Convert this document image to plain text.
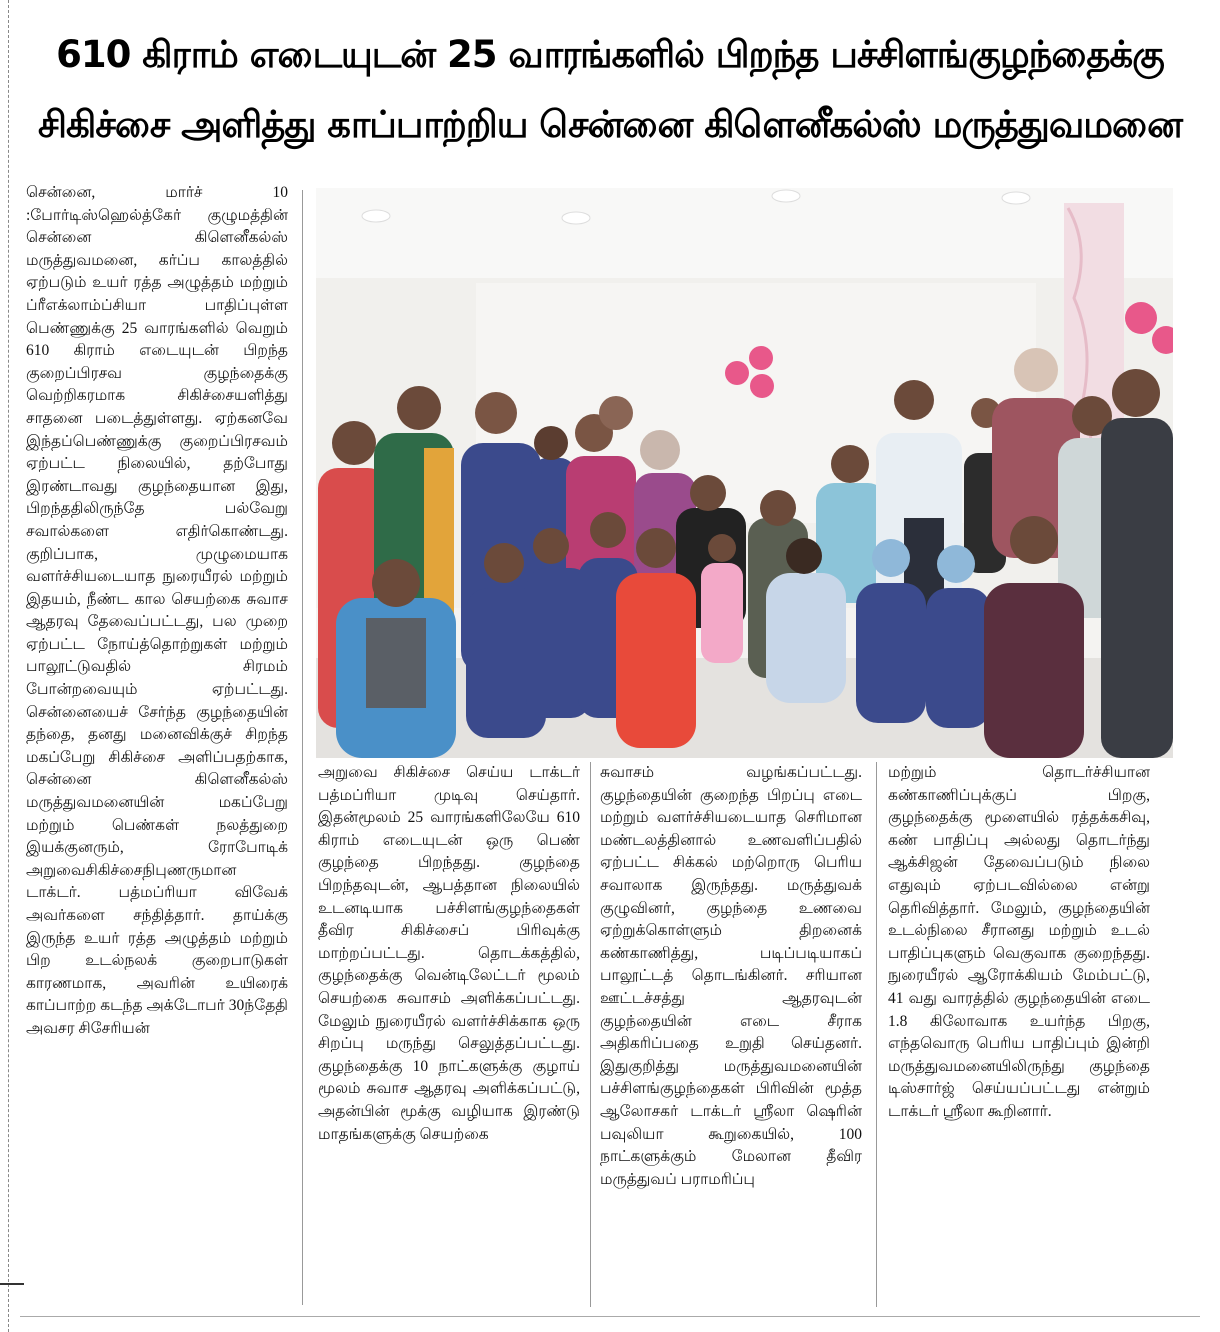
610 கிராம் எடையுடன் 25 வாரங்களில் பிறந்த பச்சிளங்குழந்தைக்கு
சிகிச்சை அளித்து காப்பாற்றிய சென்னை கிளெனீகல்ஸ் மருத்துவமனை

சென்னை, மார்ச் 10 :போர்டிஸ்ஹெல்த்கேர் குழுமத்தின் சென்னை கிளெனீகல்ஸ் மருத்துவமனை, கர்ப்ப காலத்தில் ஏற்படும் உயர் ரத்த அழுத்தம் மற்றும் ப்ரீஎக்லாம்ப்சியா பாதிப்புள்ள பெண்ணுக்கு 25 வாரங்களில் வெறும் 610 கிராம் எடையுடன் பிறந்த குறைப்பிரசவ குழந்தைக்கு வெற்றிகரமாக சிகிச்சையளித்து சாதனை படைத்துள்ளது. ஏற்கனவே இந்தப்பெண்ணுக்கு குறைப்பிரசவம் ஏற்பட்ட நிலையில், தற்போது இரண்டாவது குழந்தையான இது, பிறந்ததிலிருந்தே பல்வேறு சவால்களை எதிர்கொண்டது. குறிப்பாக, முழுமையாக வளர்ச்சியடையாத நுரையீரல் மற்றும் இதயம், நீண்ட கால செயற்கை சுவாச ஆதரவு தேவைப்பட்டது, பல முறை ஏற்பட்ட நோய்த்தொற்றுகள் மற்றும் பாலூட்டுவதில் சிரமம் போன்றவையும் ஏற்பட்டது. சென்னையைச் சேர்ந்த குழந்தையின் தந்தை, தனது மனைவிக்குச் சிறந்த மகப்பேறு சிகிச்சை அளிப்பதற்காக, சென்னை கிளெனீகல்ஸ் மருத்துவமனையின் மகப்பேறு மற்றும் பெண்கள் நலத்துறை இயக்குனரும், ரோபோடிக் அறுவைசிகிச்சைநிபுணருமான டாக்டர். பத்மப்ரியா விவேக் அவர்களை சந்தித்தார். தாய்க்கு இருந்த உயர் ரத்த அழுத்தம் மற்றும் பிற உடல்நலக் குறைபாடுகள் காரணமாக, அவரின் உயிரைக் காப்பாற்ற கடந்த அக்டோபர் 30ந்தேதி அவசர சிசேரியன்

அறுவை சிகிச்சை செய்ய டாக்டர் பத்மப்ரியா முடிவு செய்தார். இதன்மூலம் 25 வாரங்களிலேயே 610 கிராம் எடையுடன் ஒரு பெண் குழந்தை பிறந்தது. குழந்தை பிறந்தவுடன், ஆபத்தான நிலையில் உடனடியாக பச்சிளங்குழந்தைகள் தீவிர சிகிச்சைப் பிரிவுக்கு மாற்றப்பட்டது. தொடக்கத்தில், குழந்தைக்கு வென்டிலேட்டர் மூலம் செயற்கை சுவாசம் அளிக்கப்பட்டது. மேலும் நுரையீரல் வளர்ச்சிக்காக ஒரு சிறப்பு மருந்து செலுத்தப்பட்டது. குழந்தைக்கு 10 நாட்களுக்கு குழாய் மூலம் சுவாச ஆதரவு அளிக்கப்பட்டு, அதன்பின் மூக்கு வழியாக இரண்டு மாதங்களுக்கு செயற்கை

சுவாசம் வழங்கப்பட்டது. குழந்தையின் குறைந்த பிறப்பு எடை மற்றும் வளர்ச்சியடையாத செரிமான மண்டலத்தினால் உணவளிப்பதில் ஏற்பட்ட சிக்கல் மற்றொரு பெரிய சவாலாக இருந்தது. மருத்துவக் குழுவினர், குழந்தை உணவை ஏற்றுக்கொள்ளும் திறனைக் கண்காணித்து, படிப்படியாகப் பாலூட்டத் தொடங்கினர். சரியான ஊட்டச்சத்து ஆதரவுடன் குழந்தையின் எடை சீராக அதிகரிப்பதை உறுதி செய்தனர். இதுகுறித்து மருத்துவமனையின் பச்சிளங்குழந்தைகள் பிரிவின் மூத்த ஆலோசகர் டாக்டர் ஸ்ரீலா ஷெரின் பவுலியா கூறுகையில், 100 நாட்களுக்கும் மேலான தீவிர மருத்துவப் பராமரிப்பு

மற்றும் தொடர்ச்சியான கண்காணிப்புக்குப் பிறகு, குழந்தைக்கு மூளையில் ரத்தக்கசிவு, கண் பாதிப்பு அல்லது தொடர்ந்து ஆக்சிஜன் தேவைப்படும் நிலை எதுவும் ஏற்படவில்லை என்று தெரிவித்தார். மேலும், குழந்தையின் உடல்நிலை சீரானது மற்றும் உடல் பாதிப்புகளும் வெகுவாக குறைந்தது. நுரையீரல் ஆரோக்கியம் மேம்பட்டு, 41 வது வாரத்தில் குழந்தையின் எடை 1.8 கிலோவாக உயர்ந்த பிறகு, எந்தவொரு பெரிய பாதிப்பும் இன்றி மருத்துவமனையிலிருந்து குழந்தை டிஸ்சார்ஜ் செய்யப்பட்டது என்றும் டாக்டர் ஸ்ரீலா கூறினார்.
